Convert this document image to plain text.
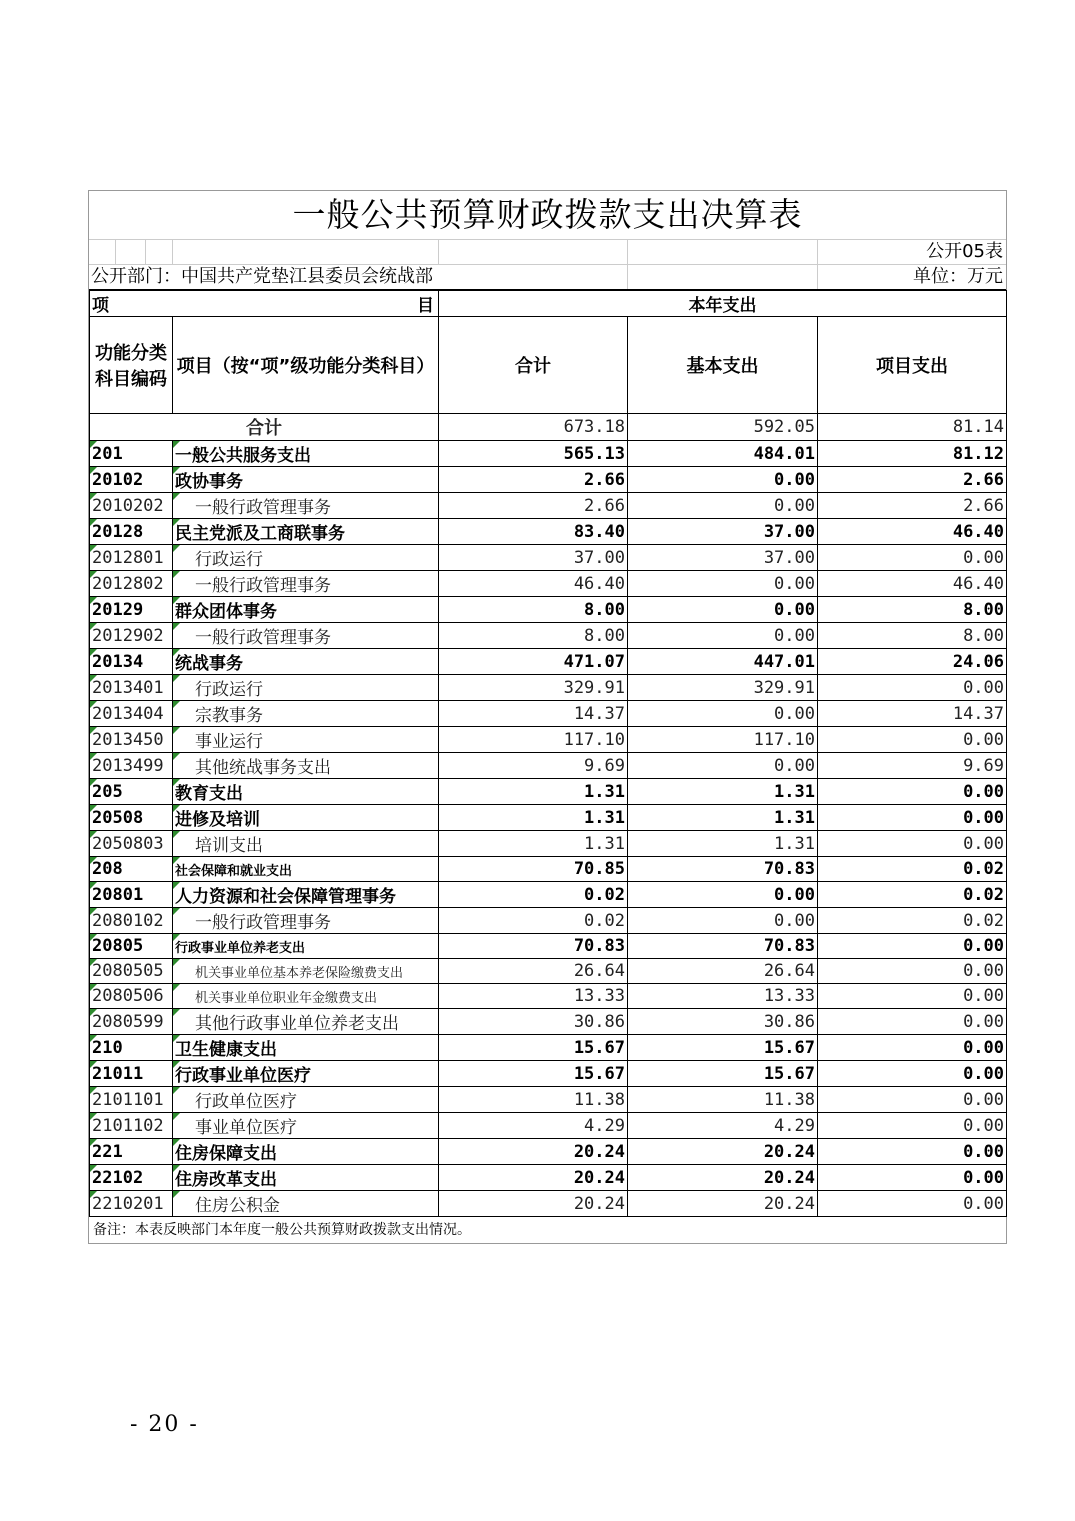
一般公共预算财政拨款支出决算表
公开05表
公开部门：中国共产党垫江县委员会统战部	单位：万元
项 目		本年支出		
功能分类科目编码	项目（按“项”级功能分类科目）	合计	基本支出	项目支出
合计		673.18	592.05	81.14
201	一般公共服务支出	565.13	484.01	81.12
20102	政协事务	2.66	0.00	2.66
2010202	一般行政管理事务	2.66	0.00	2.66
20128	民主党派及工商联事务	83.40	37.00	46.40
2012801	行政运行	37.00	37.00	0.00
2012802	一般行政管理事务	46.40	0.00	46.40
20129	群众团体事务	8.00	0.00	8.00
2012902	一般行政管理事务	8.00	0.00	8.00
20134	统战事务	471.07	447.01	24.06
2013401	行政运行	329.91	329.91	0.00
2013404	宗教事务	14.37	0.00	14.37
2013450	事业运行	117.10	117.10	0.00
2013499	其他统战事务支出	9.69	0.00	9.69
205	教育支出	1.31	1.31	0.00
20508	进修及培训	1.31	1.31	0.00
2050803	培训支出	1.31	1.31	0.00
208	社会保障和就业支出	70.85	70.83	0.02
20801	人力资源和社会保障管理事务	0.02	0.00	0.02
2080102	一般行政管理事务	0.02	0.00	0.02
20805	行政事业单位养老支出	70.83	70.83	0.00
2080505	机关事业单位基本养老保险缴费支出	26.64	26.64	0.00
2080506	机关事业单位职业年金缴费支出	13.33	13.33	0.00
2080599	其他行政事业单位养老支出	30.86	30.86	0.00
210	卫生健康支出	15.67	15.67	0.00
21011	行政事业单位医疗	15.67	15.67	0.00
2101101	行政单位医疗	11.38	11.38	0.00
2101102	事业单位医疗	4.29	4.29	0.00
221	住房保障支出	20.24	20.24	0.00
22102	住房改革支出	20.24	20.24	0.00
2210201	住房公积金	20.24	20.24	0.00
备注：本表反映部门本年度一般公共预算财政拨款支出情况。
- 20 -
